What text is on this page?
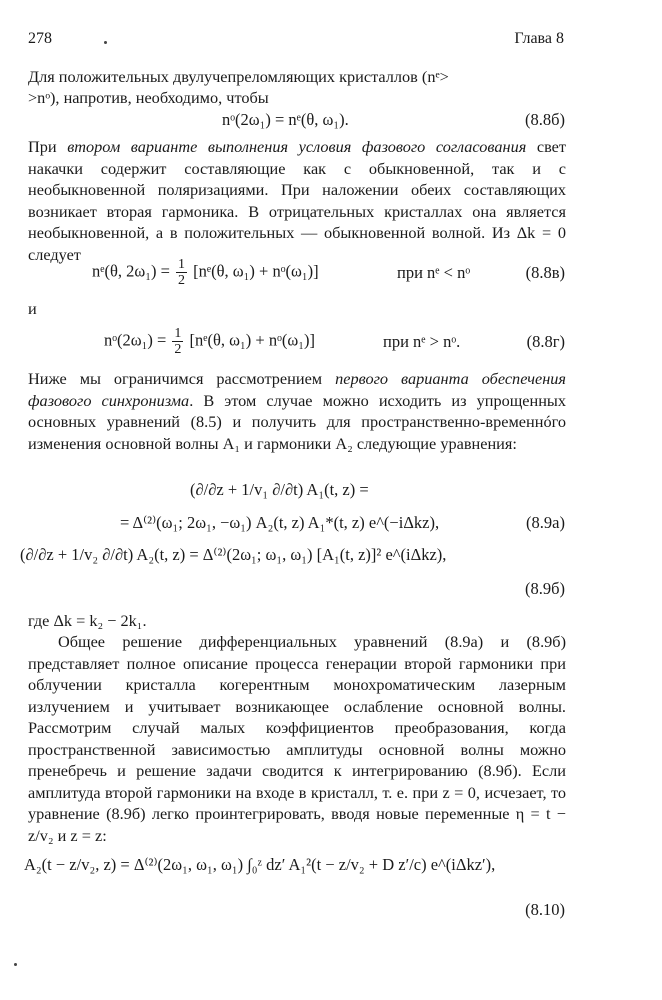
278	Глава 8
Для положительных двулучепреломляющих кристаллов (nᵉ>
>nᵒ), напротив, необходимо, чтобы
nᵒ(2ω₁) = nᵉ(θ, ω₁).	(8.8б)
При втором варианте выполнения условия фазового согласования свет накачки содержит составляющие как с обыкновенной, так и с необыкновенной поляризациями. При наложении обеих составляющих возникает вторая гармоника. В отрицательных кристаллах она является необыкновенной, а в положительных — обыкновенной волной. Из Δk = 0 следует
nᵉ(θ, $2\omega_1) = \frac{1}{2}$ [nᵉ(θ, ω₁) + nᵒ(ω₁)]	при nᵉ < nᵒ	(8.8в)
и
nᵒ(2ω₁) = $\frac{1}{2}$ [nᵉ(θ, ω₁) + nᵒ(ω₁)]	при nᵉ > nᵒ.	(8.8г)
Ниже мы ограничимся рассмотрением первого варианта обеспечения фазового синхронизма. В этом случае можно исходить из упрощенных основных уравнений (8.5) и получить для пространственно-временнóго изменения основной волны A₁ и гармоники A₂ следующие уравнения:
(∂/∂z + 1/v₁ ∂/∂t) A₁(t, z) =
= Δ⁽²⁾(ω₁; 2ω₁, −ω₁) A₂(t, z) A₁*(t, z) e^(−iΔkz),	(8.9а)
(∂/∂z + 1/v₂ ∂/∂t) A₂(t, z) = Δ⁽²⁾(2ω₁; ω₁, ω₁) [A₁(t, z)]² e^(iΔkz),
(8.9б)
где Δk = k₂ − 2k₁.
Общее решение дифференциальных уравнений (8.9а) и (8.9б) представляет полное описание процесса генерации второй гармоники при облучении кристалла когерентным монохроматическим лазерным излучением и учитывает возникающее ослабление основной волны. Рассмотрим случай малых коэффициентов преобразования, когда пространственной зависимостью амплитуды основной волны можно пренебречь и решение задачи сводится к интегрированию (8.9б). Если амплитуда второй гармоники на входе в кристалл, т. е. при z = 0, исчезает, то уравнение (8.9б) легко проинтегрировать, вводя новые переменные η = t − z/v₂ и z = z:
A₂(t − z/v₂, z) = Δ⁽²⁾(2ω₁, ω₁, ω₁) ∫₀ᶻ dz′ A₁²(t − z/v₂ + D z′/c) e^(iΔkz′),
(8.10)
